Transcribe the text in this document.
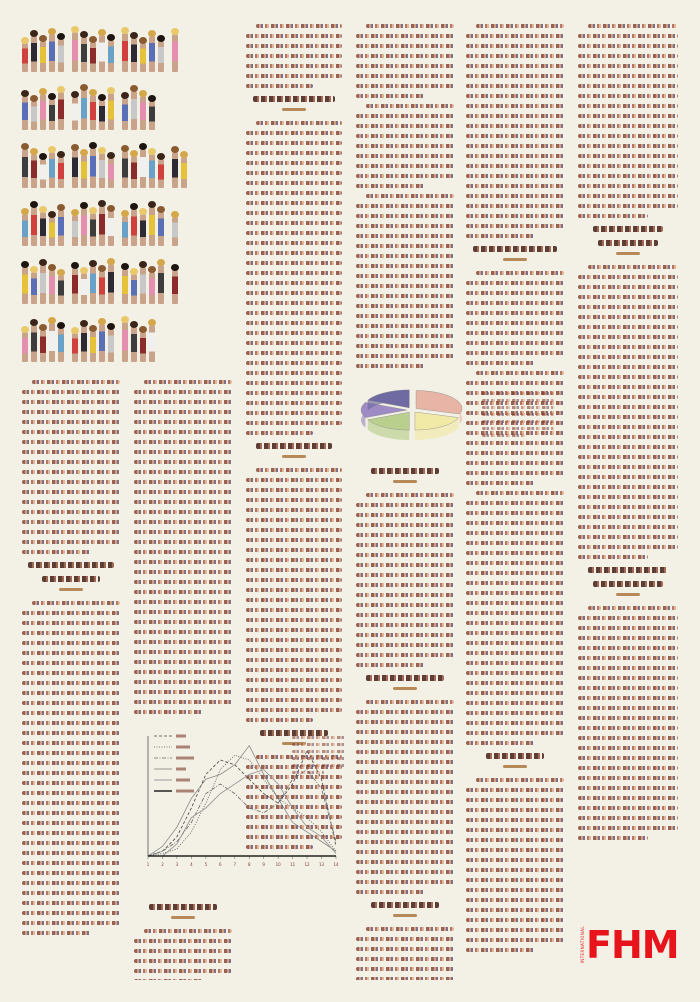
1	2	3	4	5	6	7	8	9	10 11 12 13 14
INTERNATIONAL FHM
